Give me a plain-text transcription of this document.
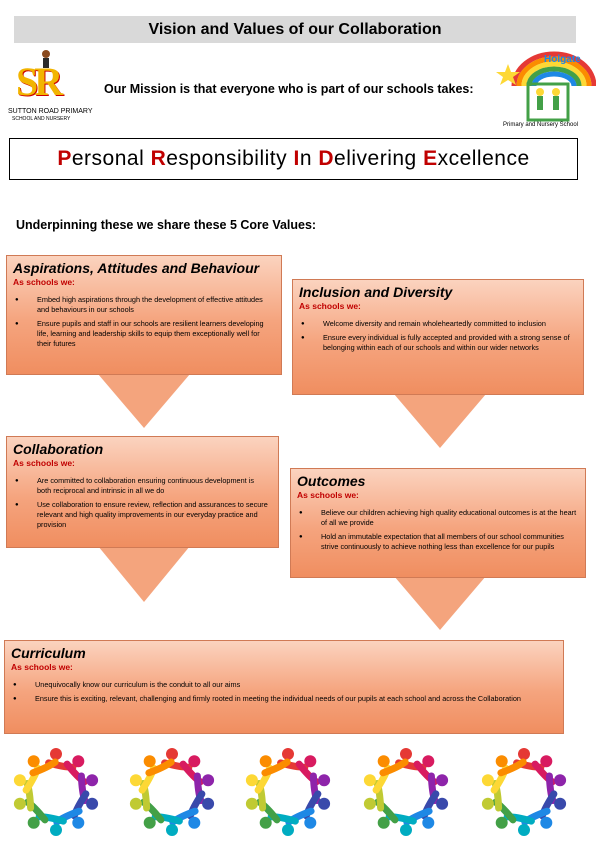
Vision and Values of our Collaboration
SR
SUTTON ROAD PRIMARY
SCHOOL AND NURSERY
Our Mission is that everyone who is part of our schools takes:
Holgate
Primary and Nursery School
Personal Responsibility In Delivering Excellence
Underpinning these we share these 5 Core Values:
Aspirations, Attitudes and Behaviour
As schools we:
● Embed high aspirations through the development of effective attitudes and behaviours in our schools
● Ensure pupils and staff in our schools are resilient learners developing life, learning and leadership skills to equip them exceptionally well for their futures
Inclusion and Diversity
As schools we:
● Welcome diversity and remain wholeheartedly committed to inclusion
● Ensure every individual is fully accepted and provided with a strong sense of belonging within each of our schools and within our wider networks
Collaboration
As schools we:
● Are committed to collaboration ensuring continuous development is both reciprocal and intrinsic in all we do
● Use collaboration to ensure review, reflection and assurances to secure relevant and high quality improvements in our everyday practice and provision
Outcomes
As schools we:
● Believe our children achieving high quality educational outcomes is at the heart of all we provide
● Hold an immutable expectation that all members of our school communities strive continuously to achieve nothing less than excellence for our pupils
Curriculum
As schools we:
● Unequivocally know our curriculum is the conduit to all our aims
● Ensure this is exciting, relevant, challenging and firmly rooted in meeting the individual needs of our pupils at each school and across the Collaboration
